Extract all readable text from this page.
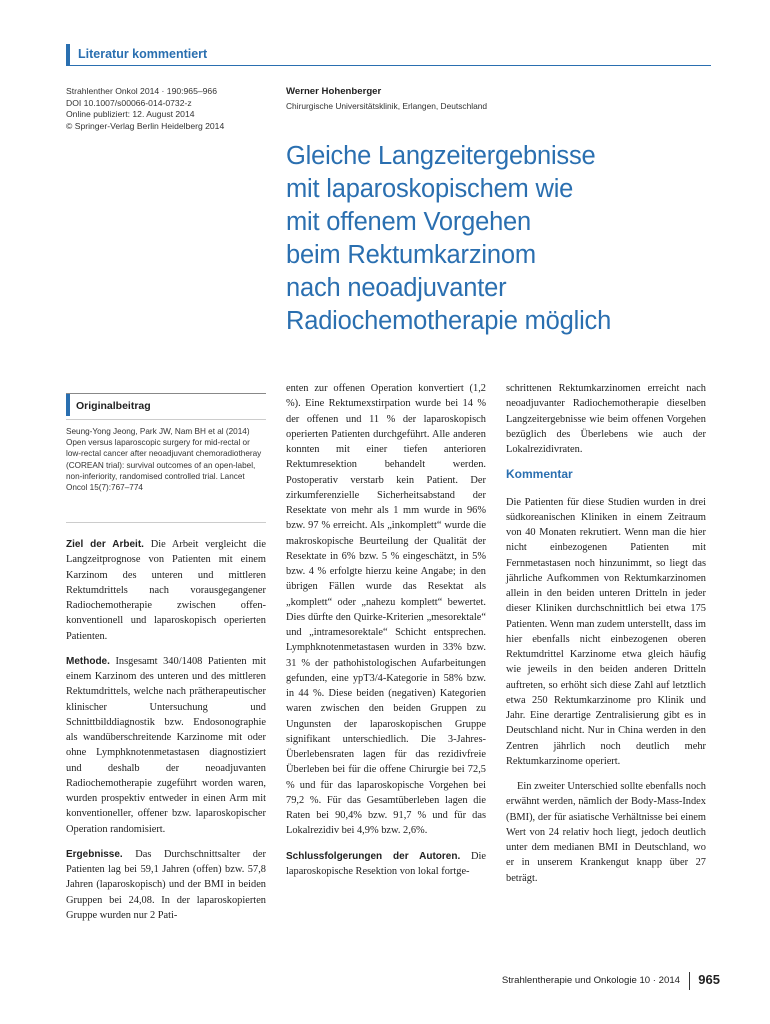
Literatur kommentiert
Strahlenther Onkol 2014 · 190:965–966
DOI 10.1007/s00066-014-0732-z
Online publiziert: 12. August 2014
© Springer-Verlag Berlin Heidelberg 2014
Werner Hohenberger
Chirurgische Universitätsklinik, Erlangen, Deutschland
Gleiche Langzeitergebnisse
mit laparoskopischem wie
mit offenem Vorgehen
beim Rektumkarzinom
nach neoadjuvanter
Radiochemotherapie möglich
Originalbeitrag
Seung-Yong Jeong, Park JW, Nam BH et al (2014) Open versus laparoscopic surgery for mid-rectal or low-rectal cancer after neoadjuvant chemoradiotheray (COREAN trial): survival outcomes of an open-label, non-inferiority, randomised controlled trial. Lancet Oncol 15(7):767–774

Ziel der Arbeit. Die Arbeit vergleicht die Langzeitprognose von Patienten mit einem Karzinom des unteren und mittleren Rektumdrittels nach vorausgegangener Radiochemotherapie zwischen offen-konventionell und laparoskopisch operierten Patienten.

Methode. Insgesamt 340/1408 Patienten mit einem Karzinom des unteren und des mittleren Rektumdrittels, welche nach prätherapeutischer klinischer Untersuchung und Schnittbilddiagnostik bzw. Endosonographie als wandüberschreitende Karzinome mit oder ohne Lymphknotenmetastasen diagnostiziert und deshalb der neoadjuvanten Radiochemotherapie zugeführt worden waren, wurden prospektiv entweder in einen Arm mit konventioneller, offener bzw. laparoskopischer Operation randomisiert.

Ergebnisse. Das Durchschnittsalter der Patienten lag bei 59,1 Jahren (offen) bzw. 57,8 Jahren (laparoskopisch) und der BMI in beiden Gruppen bei 24,08. In der laparoskopierten Gruppe wurden nur 2 Pati-

enten zur offenen Operation konvertiert (1,2 %). Eine Rektumexstirpation wurde bei 14 % der offenen und 11 % der laparoskopisch operierten Patienten durchgeführt. Alle anderen konnten mit einer tiefen anterioren Rektumresektion behandelt werden. Postoperativ verstarb kein Patient. Der zirkumferenzielle Sicherheitsabstand der Resektate von mehr als 1 mm wurde in 96% bzw. 97 % erreicht. Als „inkomplett“ wurde die makroskopische Beurteilung der Qualität der Resektate in 6% bzw. 5 % eingeschätzt, in 5% bzw. 4 % erfolgte hierzu keine Angabe; in den übrigen Fällen wurde das Resektat als „komplett“ oder „nahezu komplett“ bewertet. Dies dürfte den Quirke-Kriterien „mesorektale“ und „intramesorektale“ Schicht entsprechen. Lymphknotenmetastasen wurden in 33% bzw. 31 % der pathohistologischen Aufarbeitungen gefunden, eine ypT3/4-Kategorie in 58% bzw. in 44 %. Diese beiden (negativen) Kategorien waren zwischen den beiden Gruppen zu Ungunsten der laparoskopischen Gruppe signifikant unterschiedlich. Die 3-Jahres-Überlebensraten lagen für das rezidivfreie Überleben bei für die offene Chirurgie bei 72,5 % und für das laparoskopische Vorgehen bei 79,2 %. Für das Gesamtüberleben lagen die Raten bei 90,4% bzw. 91,7 % und für das Lokalrezidiv bei 4,9% bzw. 2,6%.

Schlussfolgerungen der Autoren. Die laparoskopische Resektion von lokal fortge-

schrittenen Rektumkarzinomen erreicht nach neoadjuvanter Radiochemotherapie dieselben Langzeitergebnisse wie beim offenen Vorgehen bezüglich des Überlebens wie auch der Lokalrezidivraten.

Kommentar

Die Patienten für diese Studien wurden in drei südkoreanischen Kliniken in einem Zeitraum von 40 Monaten rekrutiert. Wenn man die hier nicht einbezogenen Patienten mit Fernmetastasen noch hinzunimmt, so liegt das jährliche Aufkommen von Rektumkarzinomen allein in den beiden unteren Dritteln in jeder dieser Kliniken durchschnittlich bei etwa 175 Patienten. Wenn man zudem unterstellt, dass im hier ebenfalls nicht einbezogenen oberen Rektumdrittel Karzinome etwa gleich häufig wie jeweils in den beiden anderen Dritteln auftreten, so erhöht sich diese Zahl auf letztlich etwa 250 Rektumkarzinome pro Klinik und Jahr. Eine derartige Zentralisierung gibt es in Deutschland nicht. Nur in China werden in den Zentren jährlich noch deutlich mehr Rektumkarzinome operiert.

Ein zweiter Unterschied sollte ebenfalls noch erwähnt werden, nämlich der Body-Mass-Index (BMI), der für asiatische Verhältnisse bei einem Wert von 24 relativ hoch liegt, jedoch deutlich unter dem medianen BMI in Deutschland, wo er in unserem Krankengut knapp über 27 beträgt.

Strahlentherapie und Onkologie 10 · 2014 965
